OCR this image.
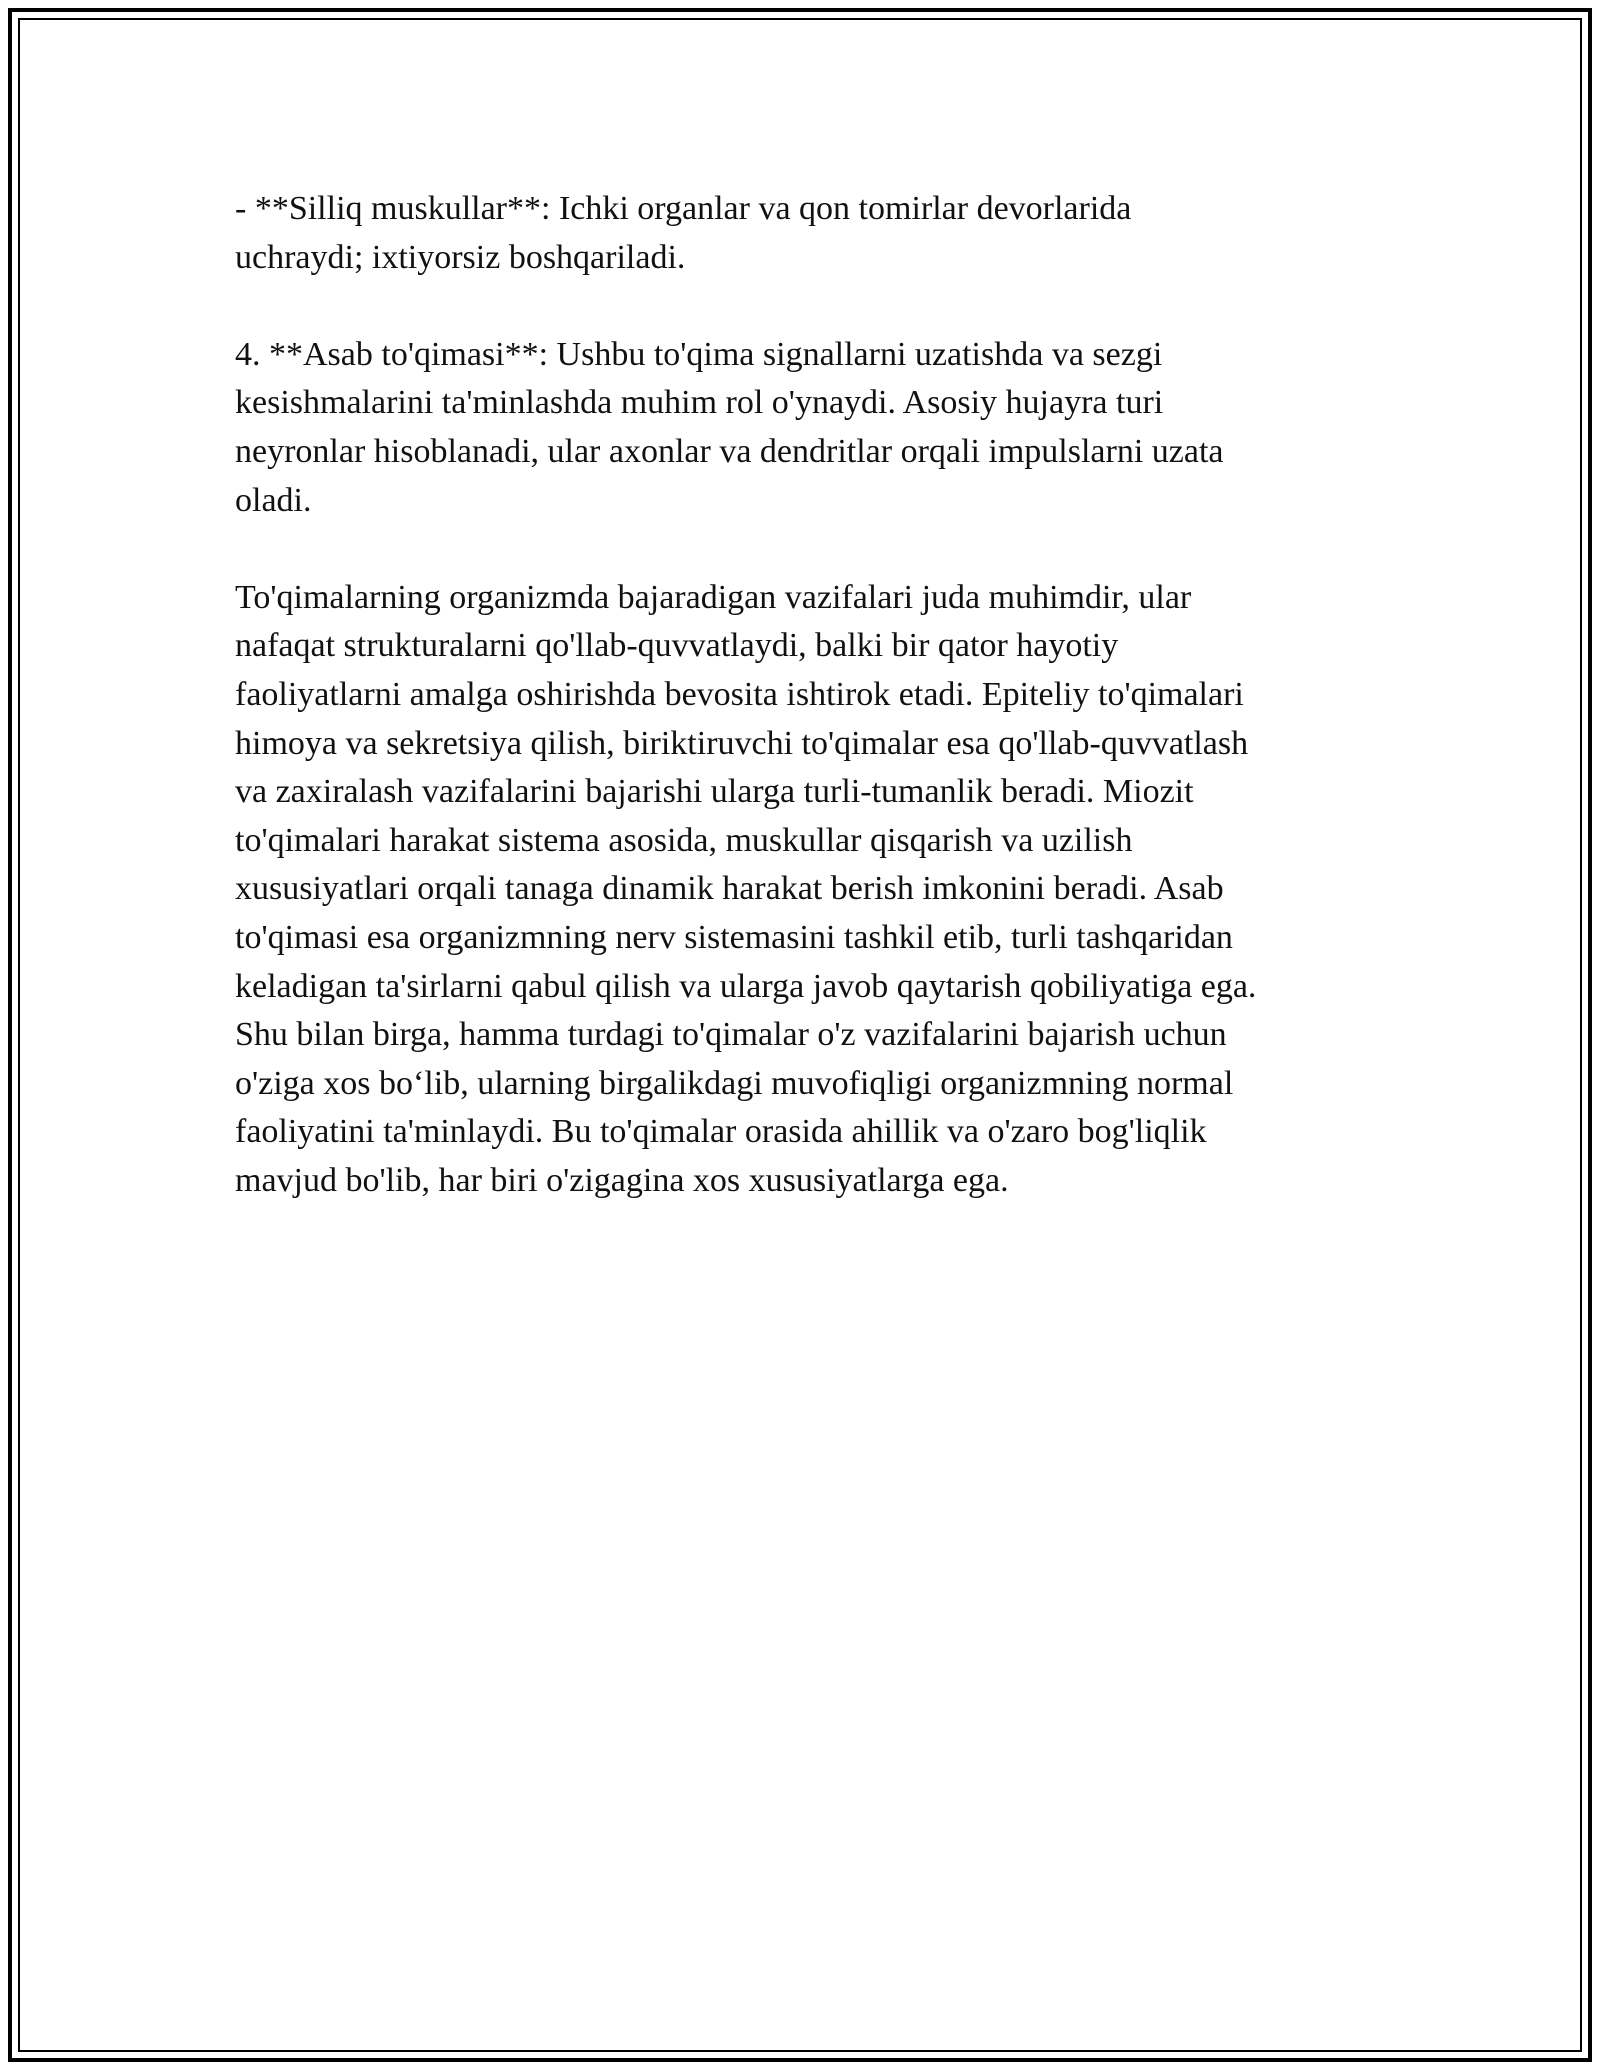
- **Silliq muskullar**: Ichki organlar va qon tomirlar devorlarida
uchraydi; ixtiyorsiz boshqariladi.

4. **Asab to'qimasi**: Ushbu to'qima signallarni uzatishda va sezgi
kesishmalarini ta'minlashda muhim rol o'ynaydi. Asosiy hujayra turi
neyronlar hisoblanadi, ular axonlar va dendritlar orqali impulslarni uzata
oladi.

To'qimalarning organizmda bajaradigan vazifalari juda muhimdir, ular
nafaqat strukturalarni qo'llab-quvvatlaydi, balki bir qator hayotiy
faoliyatlarni amalga oshirishda bevosita ishtirok etadi. Epiteliy to'qimalari
himoya va sekretsiya qilish, biriktiruvchi to'qimalar esa qo'llab-quvvatlash
va zaxiralash vazifalarini bajarishi ularga turli-tumanlik beradi. Miozit
to'qimalari harakat sistema asosida, muskullar qisqarish va uzilish
xususiyatlari orqali tanaga dinamik harakat berish imkonini beradi. Asab
to'qimasi esa organizmning nerv sistemasini tashkil etib, turli tashqaridan
keladigan ta'sirlarni qabul qilish va ularga javob qaytarish qobiliyatiga ega.
Shu bilan birga, hamma turdagi to'qimalar o'z vazifalarini bajarish uchun
o'ziga xos bo‘lib, ularning birgalikdagi muvofiqligi organizmning normal
faoliyatini ta'minlaydi. Bu to'qimalar orasida ahillik va o'zaro bog'liqlik
mavjud bo'lib, har biri o'zigagina xos xususiyatlarga ega.
